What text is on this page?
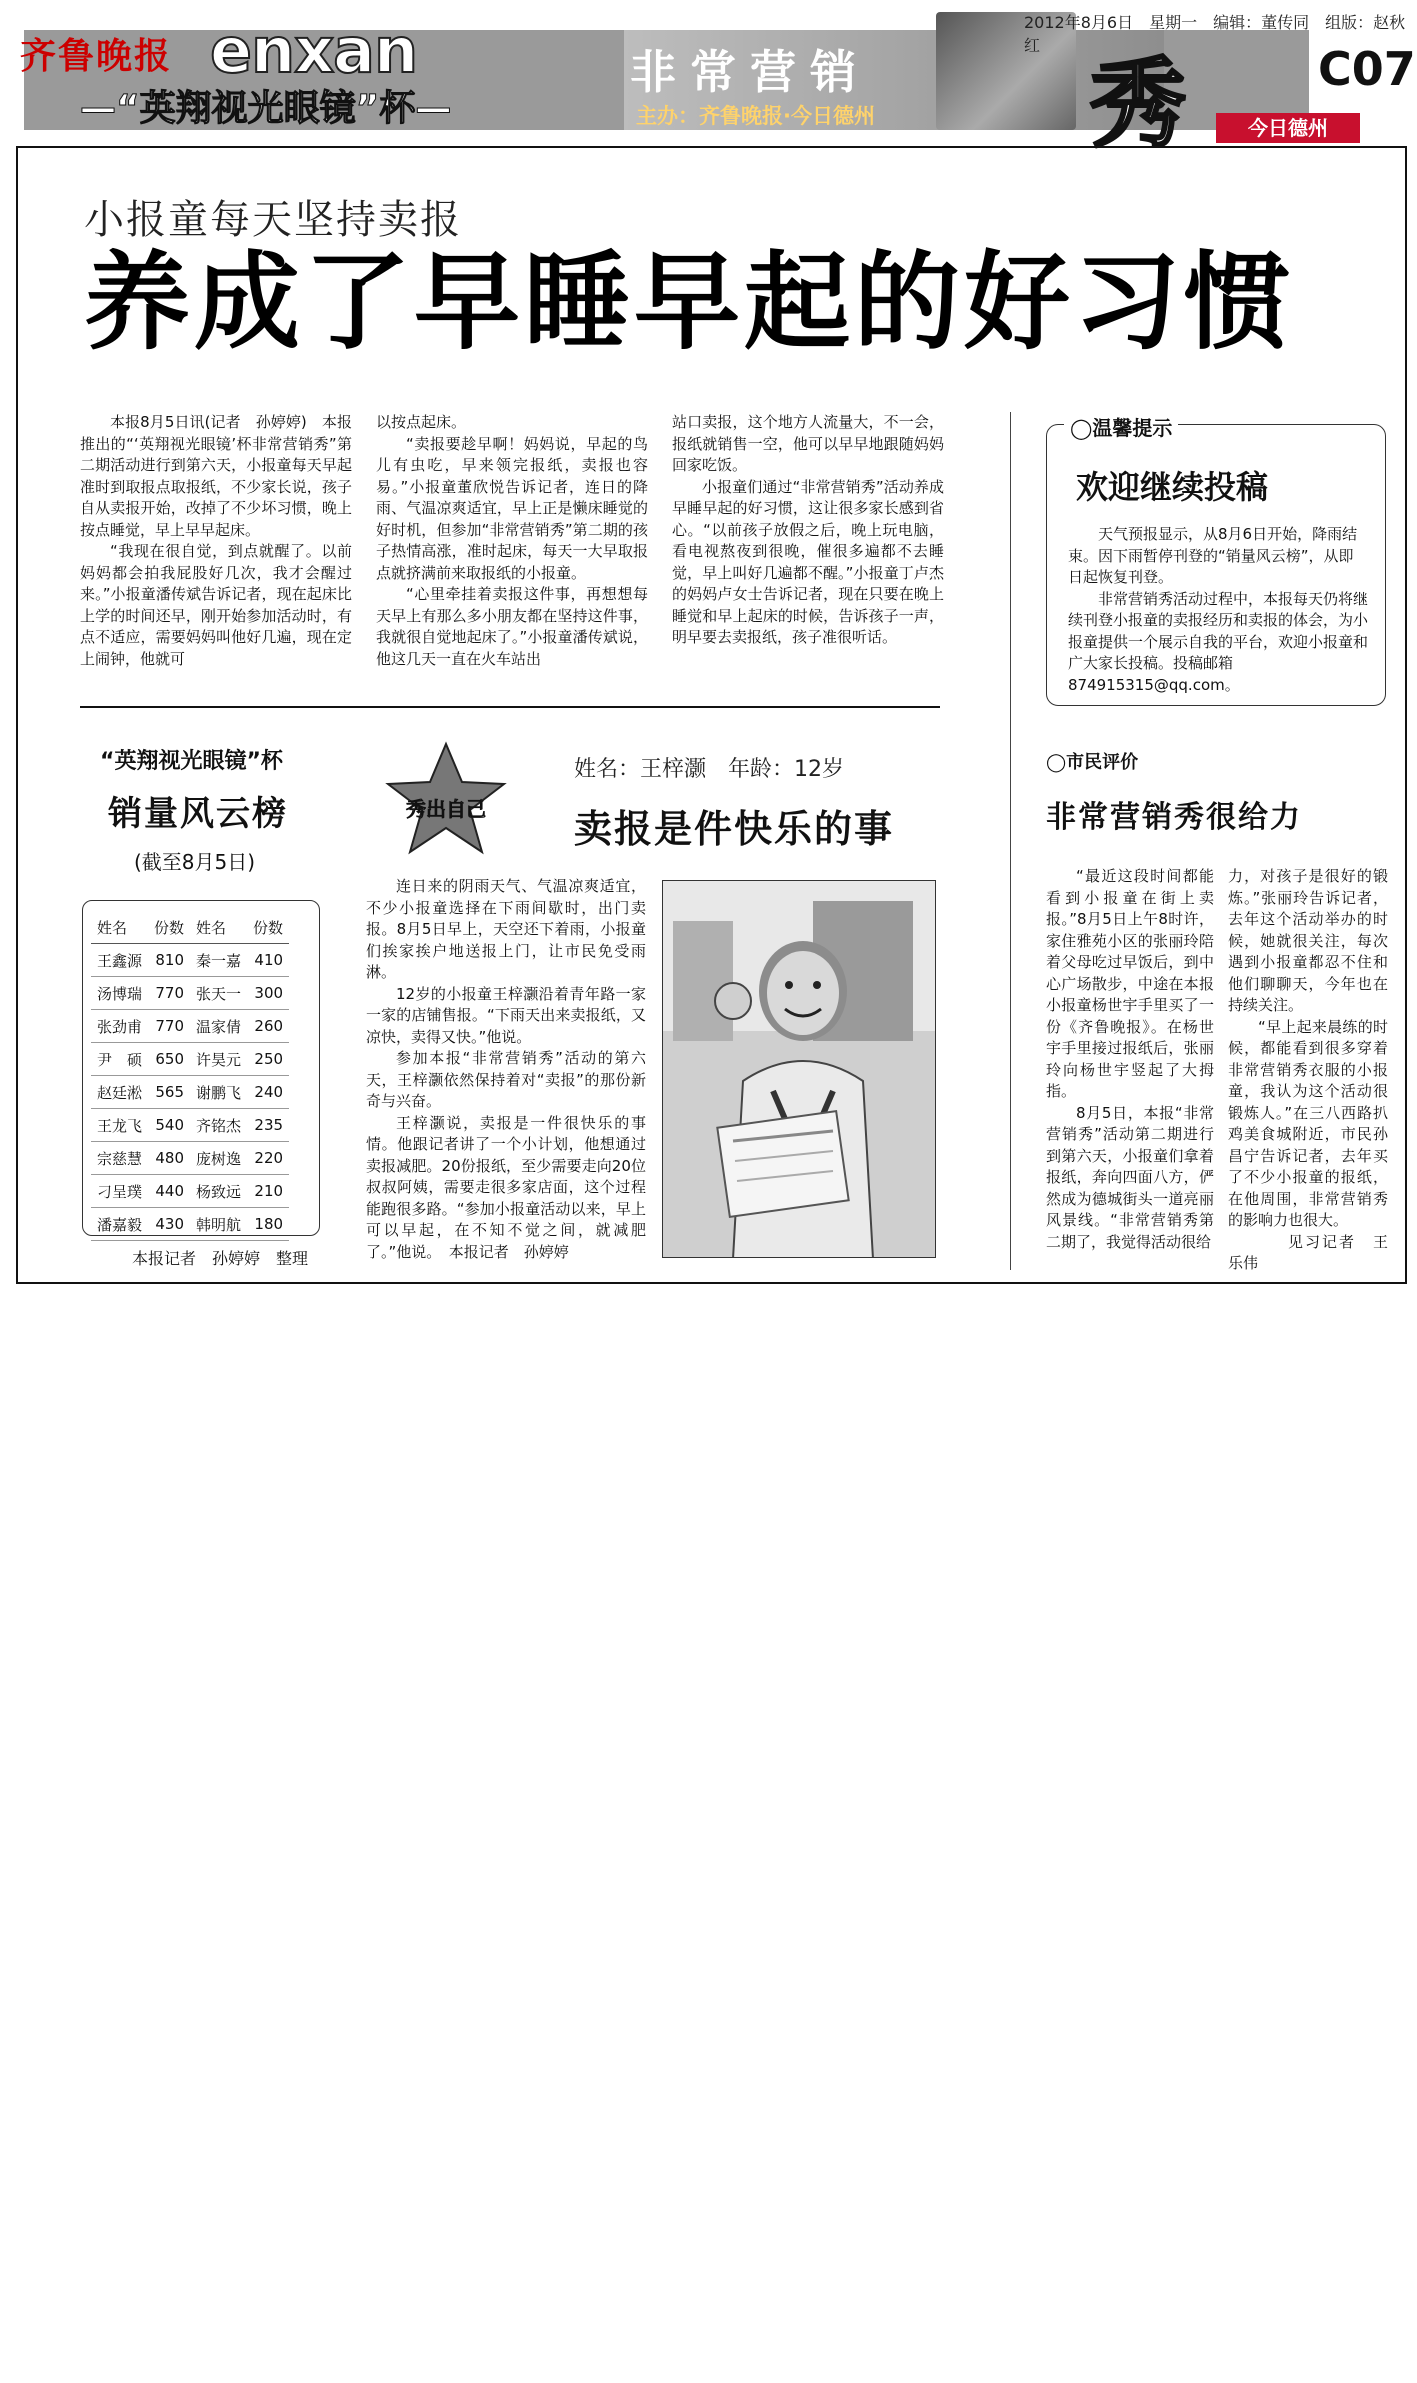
齐鲁晚报 enxan
—“英翔视光眼镜”杯—
非常营销
主办：齐鲁晚报·今日德州
2012年8月6日　星期一　编辑：董传同　组版：赵秋红
秀	C07
今日德州
小报童每天坚持卖报
养成了早睡早起的好习惯

本报8月5日讯(记者　孙婷婷)　本报推出的“‘英翔视光眼镜’杯非常营销秀”第二期活动进行到第六天，小报童每天早起准时到取报点取报纸，不少家长说，孩子自从卖报开始，改掉了不少坏习惯，晚上按点睡觉，早上早早起床。

“我现在很自觉，到点就醒了。以前妈妈都会拍我屁股好几次，我才会醒过来。”小报童潘传斌告诉记者，现在起床比上学的时间还早，刚开始参加活动时，有点不适应，需要妈妈叫他好几遍，现在定上闹钟，他就可

以按点起床。

“卖报要趁早啊！妈妈说，早起的鸟儿有虫吃，早来领完报纸，卖报也容易。”小报童董欣悦告诉记者，连日的降雨、气温凉爽适宜，早上正是懒床睡觉的好时机，但参加“非常营销秀”第二期的孩子热情高涨，准时起床，每天一大早取报点就挤满前来取报纸的小报童。

“心里牵挂着卖报这件事，再想想每天早上有那么多小朋友都在坚持这件事，我就很自觉地起床了。”小报童潘传斌说，他这几天一直在火车站出

站口卖报，这个地方人流量大，不一会，报纸就销售一空，他可以早早地跟随妈妈回家吃饭。

小报童们通过“非常营销秀”活动养成早睡早起的好习惯，这让很多家长感到省心。“以前孩子放假之后，晚上玩电脑，看电视熬夜到很晚，催很多遍都不去睡觉，早上叫好几遍都不醒。”小报童丁卢杰的妈妈卢女士告诉记者，现在只要在晚上睡觉和早上起床的时候，告诉孩子一声，明早要去卖报纸，孩子准很听话。

◯温馨提示
欢迎继续投稿

天气预报显示，从8月6日开始，降雨结束。因下雨暂停刊登的“销量风云榜”，从即日起恢复刊登。

非常营销秀活动过程中，本报每天仍将继续刊登小报童的卖报经历和卖报的体会，为小报童提供一个展示自我的平台，欢迎小报童和广大家长投稿。投稿邮箱874915315@qq.com。

“英翔视光眼镜”杯
销量风云榜
(截至8月5日)
姓名	份数	姓名	份数
王鑫源	810	秦一嘉	410
汤博瑞	770	张天一	300
张劲甫	770	温家倩	260
尹　硕	650	许昊元	250
赵廷淞	565	谢鹏飞	240
王龙飞	540	齐铭杰	235
宗慈慧	480	庞树逸	220
刁呈璞	440	杨致远	210
潘嘉毅	430	韩明航	180
本报记者　孙婷婷　整理
秀出自己
姓名：王梓灏　年龄：12岁
卖报是件快乐的事

连日来的阴雨天气、气温凉爽适宜，不少小报童选择在下雨间歇时，出门卖报。8月5日早上，天空还下着雨，小报童们挨家挨户地送报上门，让市民免受雨淋。

12岁的小报童王梓灏沿着青年路一家一家的店铺售报。“下雨天出来卖报纸，又凉快，卖得又快。”他说。

参加本报“非常营销秀”活动的第六天，王梓灏依然保持着对“卖报”的那份新奇与兴奋。

王梓灏说，卖报是一件很快乐的事情。他跟记者讲了一个小计划，他想通过卖报减肥。20份报纸，至少需要走向20位叔叔阿姨，需要走很多家店面，这个过程能跑很多路。“参加小报童活动以来，早上可以早起，在不知不觉之间，就减肥了。”他说。　本报记者　孙婷婷

◯市民评价
非常营销秀很给力

“最近这段时间都能看到小报童在街上卖报。”8月5日上午8时许，家住雅苑小区的张丽玲陪着父母吃过早饭后，到中心广场散步，中途在本报小报童杨世宇手里买了一份《齐鲁晚报》。在杨世宇手里接过报纸后，张丽玲向杨世宇竖起了大拇指。

8月5日，本报“非常营销秀”活动第二期进行到第六天，小报童们拿着报纸，奔向四面八方，俨然成为德城街头一道亮丽风景线。“非常营销秀第二期了，我觉得活动很给

力，对孩子是很好的锻炼。”张丽玲告诉记者，去年这个活动举办的时候，她就很关注，每次遇到小报童都忍不住和他们聊聊天，今年也在持续关注。

“早上起来晨练的时候，都能看到很多穿着非常营销秀衣服的小报童，我认为这个活动很锻炼人。”在三八西路扒鸡美食城附近，市民孙昌宁告诉记者，去年买了不少小报童的报纸，在他周围，非常营销秀的影响力也很大。

见习记者　王乐伟
